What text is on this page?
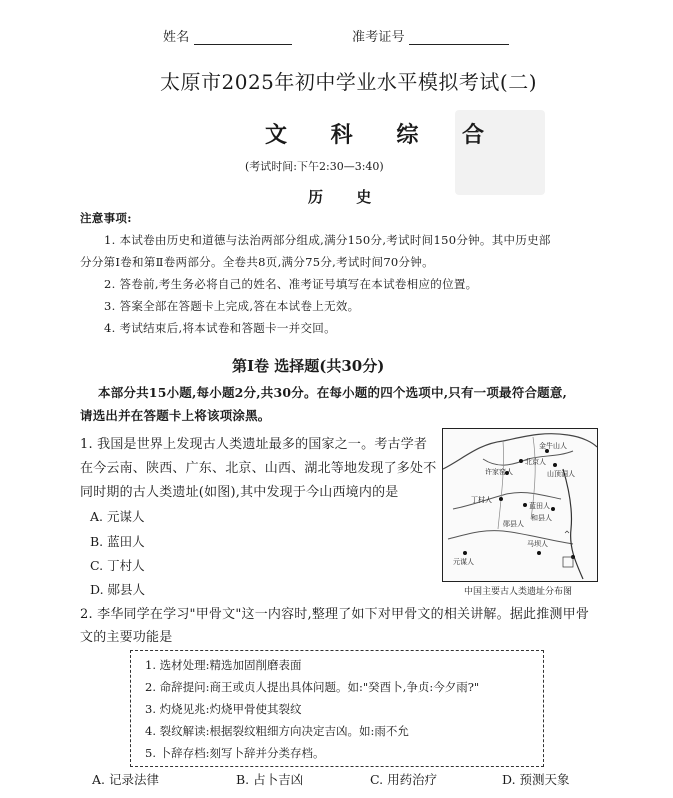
姓名	准考证号
太原市2025年初中学业水平模拟考试(二)
文 科 综 合
(考试时间:下午2:30—3:40)
历 史
注意事项:
1. 本试卷由历史和道德与法治两部分组成,满分150分,考试时间150分钟。其中历史部
分分第Ⅰ卷和第Ⅱ卷两部分。全卷共8页,满分75分,考试时间70分钟。
2. 答卷前,考生务必将自己的姓名、准考证号填写在本试卷相应的位置。
3. 答案全部在答题卡上完成,答在本试卷上无效。
4. 考试结束后,将本试卷和答题卡一并交回。
第Ⅰ卷 选择题(共30分)
本部分共15小题,每小题2分,共30分。在每小题的四个选项中,只有一项最符合题意,
请选出并在答题卡上将该项涂黑。
1. 我国是世界上发现古人类遗址最多的国家之一。考古学者
在今云南、陕西、广东、北京、山西、湖北等地发现了多处不
同时期的古人类遗址(如图),其中发现于今山西境内的是
A. 元谋人
B. 蓝田人
C. 丁村人
D. 郧县人
金牛山人
北京人
许家窑人
丁村人
蓝田人
和县人
元谋人
马坝人
山顶洞人
郧县人
中国主要古人类遗址分布图
2. 李华同学在学习"甲骨文"这一内容时,整理了如下对甲骨文的相关讲解。据此推测甲骨
文的主要功能是
1. 选材处理:精选加固削磨表面
2. 命辞提问:商王或贞人提出具体问题。如:"癸酉卜,争贞:今夕雨?"
3. 灼烧见兆:灼烧甲骨使其裂纹
4. 裂纹解读:根据裂纹粗细方向决定吉凶。如:雨不允
5. 卜辞存档:刻写卜辞并分类存档。
A. 记录法律	B. 占卜吉凶	C. 用药治疗	D. 预测天象
